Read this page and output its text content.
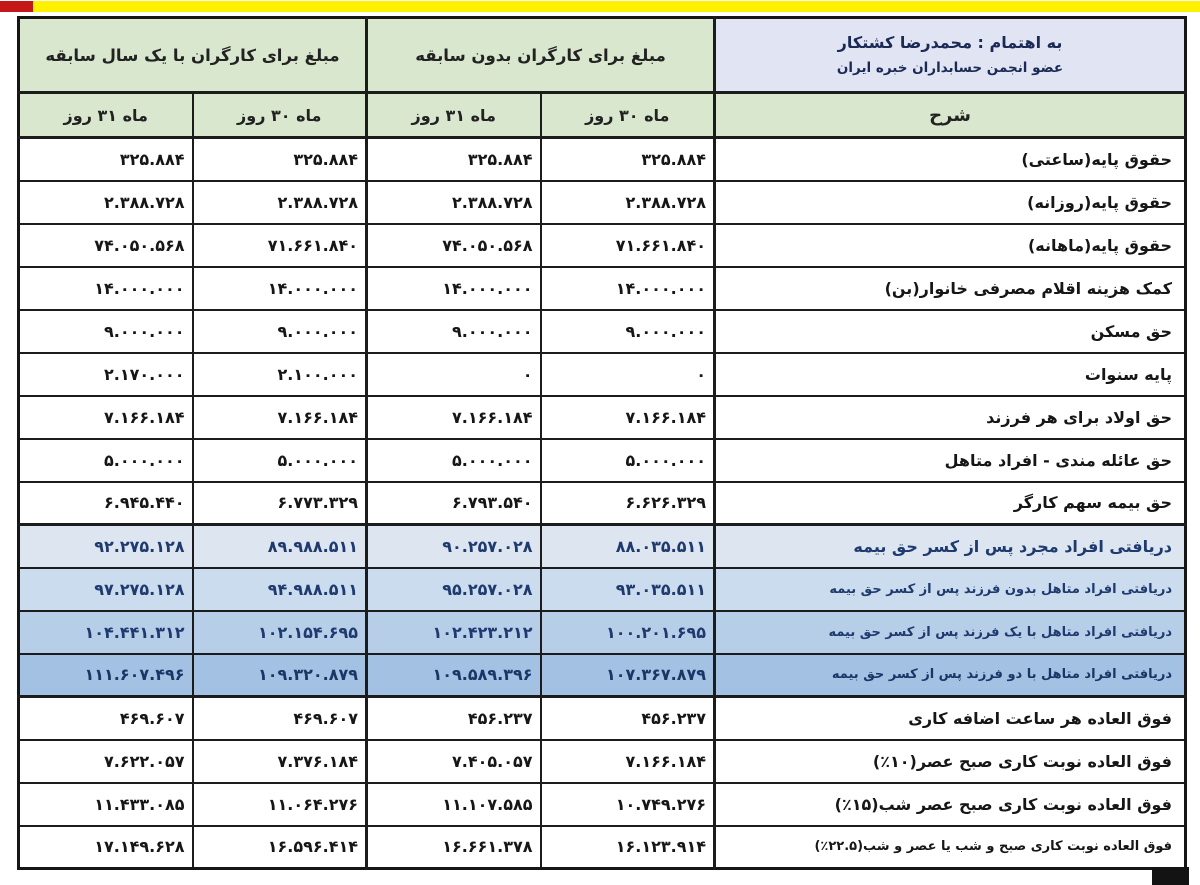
به اهتمام : محمدرضا کشتکار
عضو انجمن حسابداران خبره ایران	مبلغ برای کارگران بدون سابقه		مبلغ برای کارگران با یک سال سابقه	
شرح	ماه ۳۰ روز	ماه ۳۱ روز	ماه ۳۰ روز	ماه ۳۱ روز
حقوق پایه(ساعتی)	۳۲۵.۸۸۴	۳۲۵.۸۸۴	۳۲۵.۸۸۴	۳۲۵.۸۸۴
حقوق پایه(روزانه)	۲.۳۸۸.۷۲۸	۲.۳۸۸.۷۲۸	۲.۳۸۸.۷۲۸	۲.۳۸۸.۷۲۸
حقوق پایه(ماهانه)	۷۱.۶۶۱.۸۴۰	۷۴.۰۵۰.۵۶۸	۷۱.۶۶۱.۸۴۰	۷۴.۰۵۰.۵۶۸
کمک هزینه اقلام مصرفی خانوار(بن)	۱۴.۰۰۰.۰۰۰	۱۴.۰۰۰.۰۰۰	۱۴.۰۰۰.۰۰۰	۱۴.۰۰۰.۰۰۰
حق مسکن	۹.۰۰۰.۰۰۰	۹.۰۰۰.۰۰۰	۹.۰۰۰.۰۰۰	۹.۰۰۰.۰۰۰
پایه سنوات	۰	۰	۲.۱۰۰.۰۰۰	۲.۱۷۰.۰۰۰
حق اولاد برای هر فرزند	۷.۱۶۶.۱۸۴	۷.۱۶۶.۱۸۴	۷.۱۶۶.۱۸۴	۷.۱۶۶.۱۸۴
حق عائله مندی - افراد متاهل	۵.۰۰۰.۰۰۰	۵.۰۰۰.۰۰۰	۵.۰۰۰.۰۰۰	۵.۰۰۰.۰۰۰
حق بیمه سهم کارگر	۶.۶۲۶.۳۲۹	۶.۷۹۳.۵۴۰	۶.۷۷۳.۳۲۹	۶.۹۴۵.۴۴۰
دریافتی افراد مجرد پس از کسر حق بیمه	۸۸.۰۳۵.۵۱۱	۹۰.۲۵۷.۰۲۸	۸۹.۹۸۸.۵۱۱	۹۲.۲۷۵.۱۲۸
دریافتی افراد متاهل بدون فرزند پس از کسر حق بیمه	۹۳.۰۳۵.۵۱۱	۹۵.۲۵۷.۰۲۸	۹۴.۹۸۸.۵۱۱	۹۷.۲۷۵.۱۲۸
دریافتی افراد متاهل با یک فرزند پس از کسر حق بیمه	۱۰۰.۲۰۱.۶۹۵	۱۰۲.۴۲۳.۲۱۲	۱۰۲.۱۵۴.۶۹۵	۱۰۴.۴۴۱.۳۱۲
دریافتی افراد متاهل با دو فرزند پس از کسر حق بیمه	۱۰۷.۳۶۷.۸۷۹	۱۰۹.۵۸۹.۳۹۶	۱۰۹.۳۲۰.۸۷۹	۱۱۱.۶۰۷.۴۹۶
فوق العاده هر ساعت اضافه کاری	۴۵۶.۲۳۷	۴۵۶.۲۳۷	۴۶۹.۶۰۷	۴۶۹.۶۰۷
فوق العاده نوبت کاری صبح عصر(۱۰٪)	۷.۱۶۶.۱۸۴	۷.۴۰۵.۰۵۷	۷.۳۷۶.۱۸۴	۷.۶۲۲.۰۵۷
فوق العاده نوبت کاری صبح عصر شب(۱۵٪)	۱۰.۷۴۹.۲۷۶	۱۱.۱۰۷.۵۸۵	۱۱.۰۶۴.۲۷۶	۱۱.۴۳۳.۰۸۵
فوق العاده نوبت کاری صبح و شب یا عصر و شب(۲۲.۵٪)	۱۶.۱۲۳.۹۱۴	۱۶.۶۶۱.۳۷۸	۱۶.۵۹۶.۴۱۴	۱۷.۱۴۹.۶۲۸
